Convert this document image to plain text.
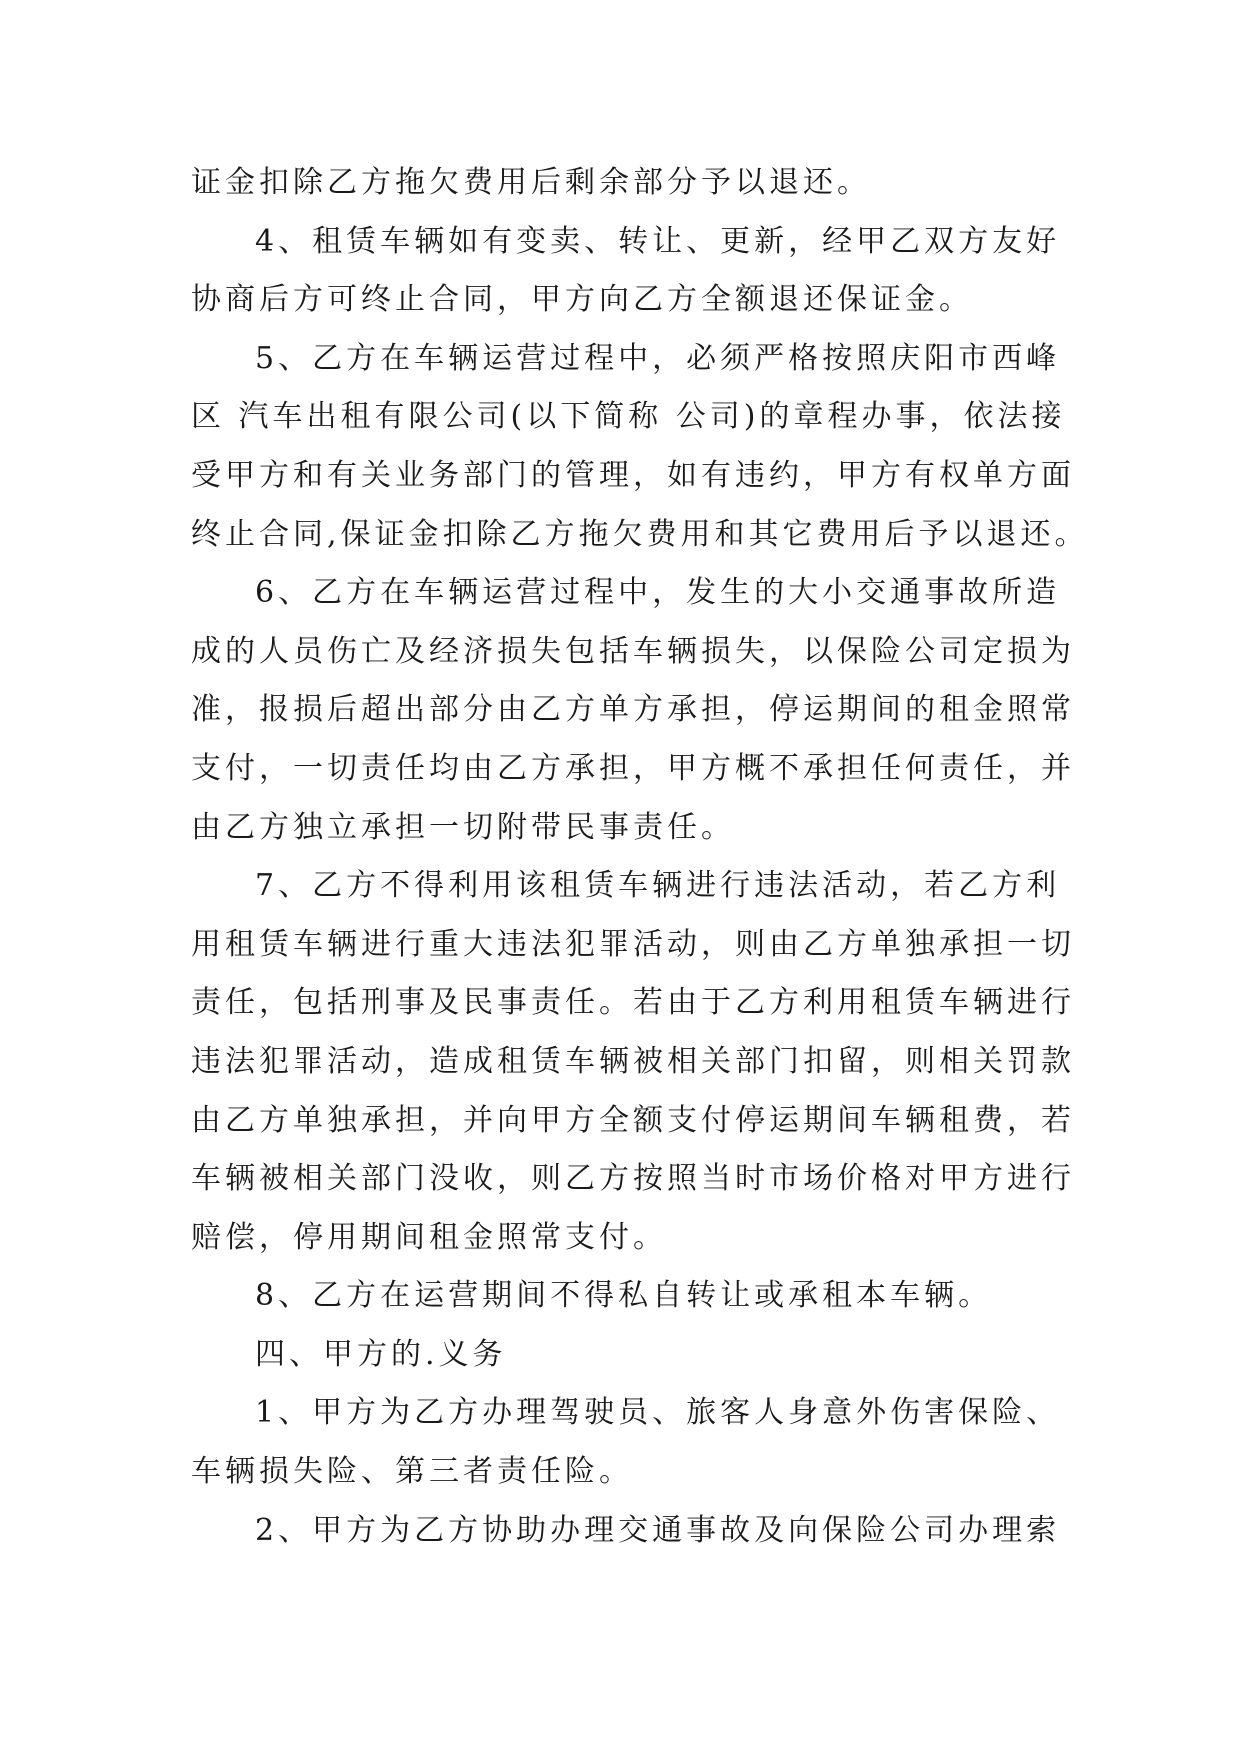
证金扣除乙方拖欠费用后剩余部分予以退还。
4、租赁车辆如有变卖、转让、更新，经甲乙双方友好
协商后方可终止合同，甲方向乙方全额退还保证金。
5、乙方在车辆运营过程中，必须严格按照庆阳市西峰
区 汽车出租有限公司(以下简称 公司)的章程办事，依法接
受甲方和有关业务部门的管理，如有违约，甲方有权单方面
终止合同,保证金扣除乙方拖欠费用和其它费用后予以退还。
6、乙方在车辆运营过程中，发生的大小交通事故所造
成的人员伤亡及经济损失包括车辆损失，以保险公司定损为
准，报损后超出部分由乙方单方承担，停运期间的租金照常
支付，一切责任均由乙方承担，甲方概不承担任何责任，并
由乙方独立承担一切附带民事责任。
7、乙方不得利用该租赁车辆进行违法活动，若乙方利
用租赁车辆进行重大违法犯罪活动，则由乙方单独承担一切
责任，包括刑事及民事责任。若由于乙方利用租赁车辆进行
违法犯罪活动，造成租赁车辆被相关部门扣留，则相关罚款
由乙方单独承担，并向甲方全额支付停运期间车辆租费，若
车辆被相关部门没收，则乙方按照当时市场价格对甲方进行
赔偿，停用期间租金照常支付。
8、乙方在运营期间不得私自转让或承租本车辆。
四、甲方的.义务
1、甲方为乙方办理驾驶员、旅客人身意外伤害保险、
车辆损失险、第三者责任险。
2、甲方为乙方协助办理交通事故及向保险公司办理索
